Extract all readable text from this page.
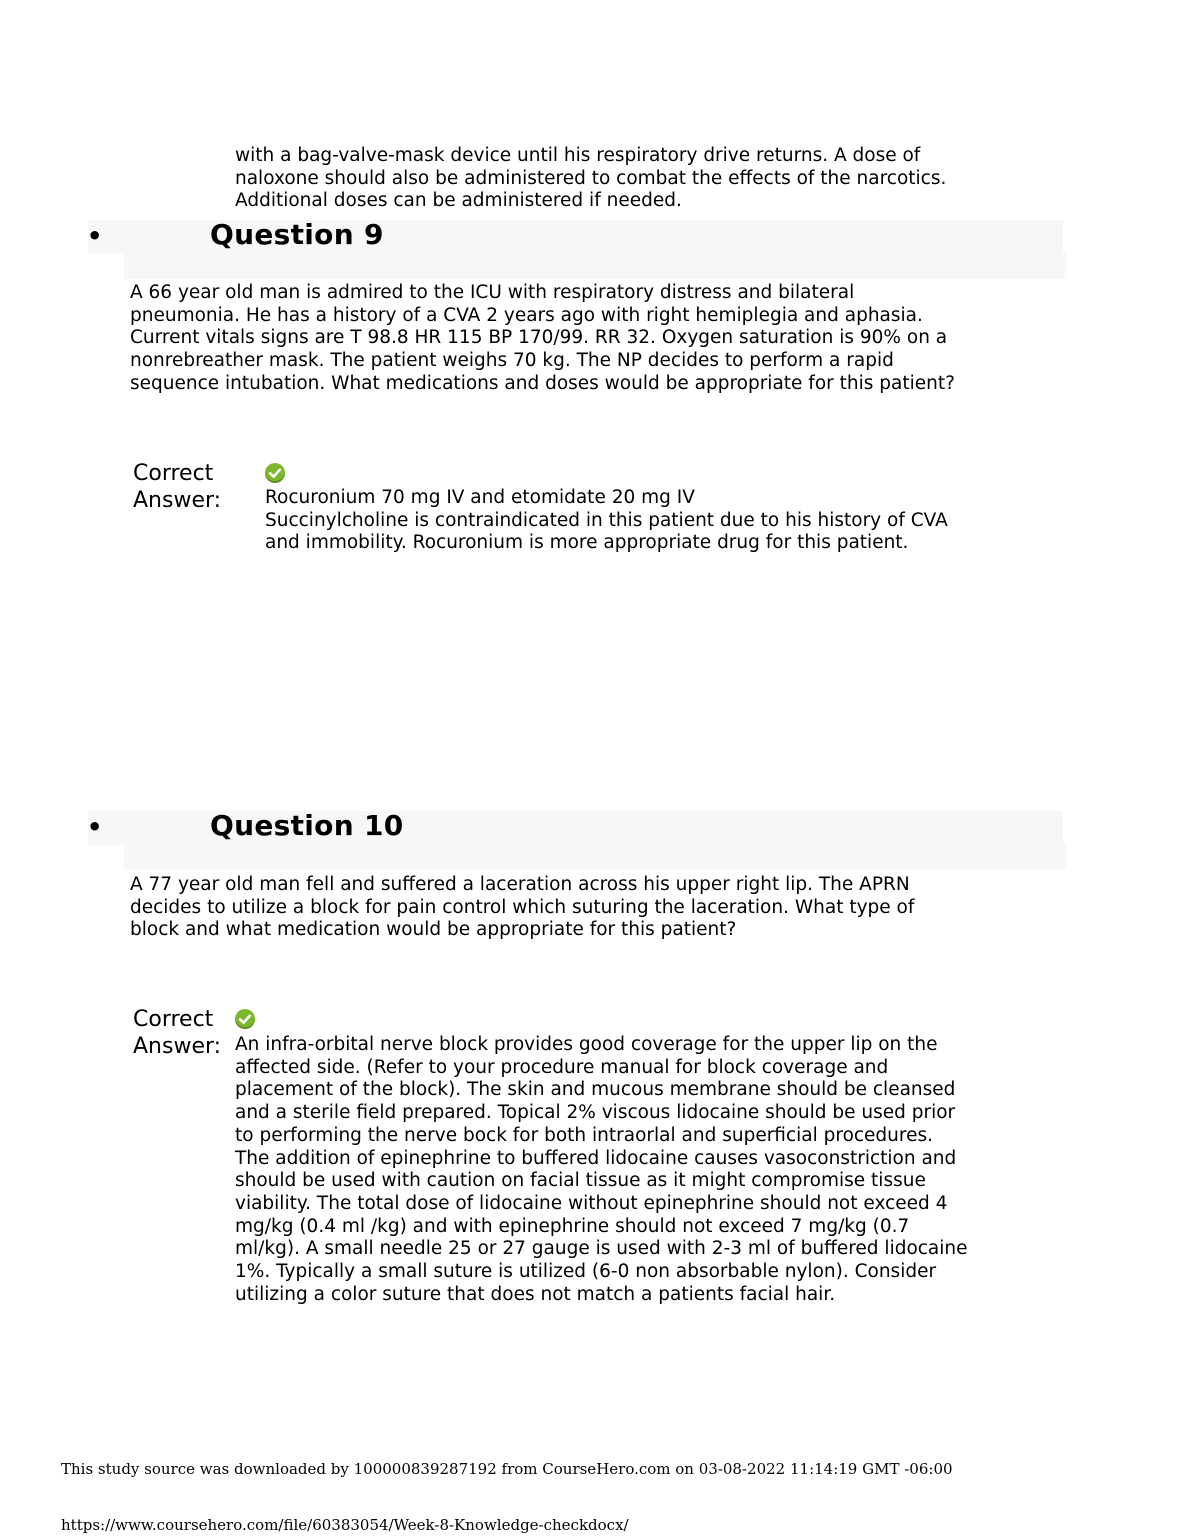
with a bag-valve-mask device until his respiratory drive returns. A dose of
naloxone should also be administered to combat the effects of the narcotics.
Additional doses can be administered if needed.
•	Question 9
A 66 year old man is admired to the ICU with respiratory distress and bilateral
pneumonia. He has a history of a CVA 2 years ago with right hemiplegia and aphasia.
Current vitals signs are T 98.8 HR 115 BP 170/99. RR 32. Oxygen saturation is 90% on a
nonrebreather mask. The patient weighs 70 kg. The NP decides to perform a rapid
sequence intubation. What medications and doses would be appropriate for this patient?
Correct
Answer: Rocuronium 70 mg IV and etomidate 20 mg IV
Succinylcholine is contraindicated in this patient due to his history of CVA
and immobility. Rocuronium is more appropriate drug for this patient.
•	Question 10
A 77 year old man fell and suffered a laceration across his upper right lip. The APRN
decides to utilize a block for pain control which suturing the laceration. What type of
block and what medication would be appropriate for this patient?
Correct
Answer: An infra-orbital nerve block provides good coverage for the upper lip on the
affected side. (Refer to your procedure manual for block coverage and
placement of the block). The skin and mucous membrane should be cleansed
and a sterile field prepared. Topical 2% viscous lidocaine should be used prior
to performing the nerve bock for both intraorlal and superficial procedures.
The addition of epinephrine to buffered lidocaine causes vasoconstriction and
should be used with caution on facial tissue as it might compromise tissue
viability. The total dose of lidocaine without epinephrine should not exceed 4
mg/kg (0.4 ml /kg) and with epinephrine should not exceed 7 mg/kg (0.7
ml/kg). A small needle 25 or 27 gauge is used with 2-3 ml of buffered lidocaine
1%. Typically a small suture is utilized (6-0 non absorbable nylon). Consider
utilizing a color suture that does not match a patients facial hair.
This study source was downloaded by 100000839287192 from CourseHero.com on 03-08-2022 11:14:19 GMT -06:00
https://www.coursehero.com/file/60383054/Week-8-Knowledge-checkdocx/
